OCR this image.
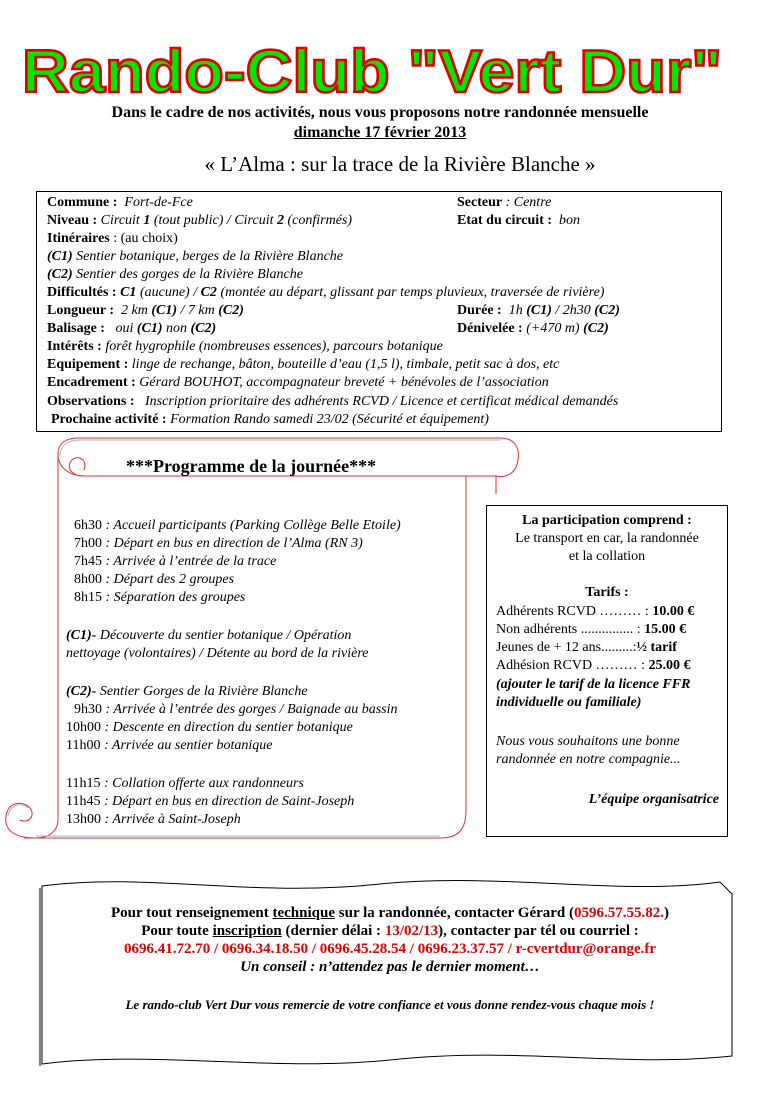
Rando-Club "Vert Dur"
Dans le cadre de nos activités, nous vous proposons notre randonnée mensuelle
dimanche 17 février 2013
« L’Alma : sur la trace de la Rivière Blanche »
Commune : Fort-de-Fce	Secteur : Centre
Niveau : Circuit 1 (tout public) / Circuit 2 (confirmés)	Etat du circuit : bon
Itinéraires : (au choix)
(C1) Sentier botanique, berges de la Rivière Blanche
(C2) Sentier des gorges de la Rivière Blanche
Difficultés : C1 (aucune) / C2 (montée au départ, glissant par temps pluvieux, traversée de rivière)
Longueur : 2 km (C1) / 7 km (C2)	Durée : 1h (C1) / 2h30 (C2)
Balisage : oui (C1) non (C2)	Dénivelée : (+470 m) (C2)
Intérêts : forêt hygrophile (nombreuses essences), parcours botanique
Equipement : linge de rechange, bâton, bouteille d’eau (1,5 l), timbale, petit sac à dos, etc
Encadrement : Gérard BOUHOT, accompagnateur breveté + bénévoles de l’association
Observations : Inscription prioritaire des adhérents RCVD / Licence et certificat médical demandés
Prochaine activité : Formation Rando samedi 23/02 (Sécurité et équipement)
***Programme de la journée***
6h30 : Accueil participants (Parking Collège Belle Etoile)
7h00 : Départ en bus en direction de l’Alma (RN 3)
7h45 : Arrivée à l’entrée de la trace
8h00 : Départ des 2 groupes
8h15 : Séparation des groupes
(C1)- Découverte du sentier botanique / Opération
nettoyage (volontaires) / Détente au bord de la rivière
(C2)- Sentier Gorges de la Rivière Blanche
9h30 : Arrivée à l’entrée des gorges / Baignade au bassin
10h00 : Descente en direction du sentier botanique
11h00 : Arrivée au sentier botanique
11h15 : Collation offerte aux randonneurs
11h45 : Départ en bus en direction de Saint-Joseph
13h00 : Arrivée à Saint-Joseph
La participation comprend :
Le transport en car, la randonnée
et la collation
Tarifs :
Adhérents RCVD ……… : 10.00 €
Non adhérents ............... : 15.00 €
Jeunes de + 12 ans.........:½ tarif
Adhésion RCVD ……… : 25.00 €
(ajouter le tarif de la licence FFR
individuelle ou familiale)
Nous vous souhaitons une bonne
randonnée en notre compagnie...
L’équipe organisatrice
Pour tout renseignement technique sur la randonnée, contacter Gérard (0596.57.55.82.)
Pour toute inscription (dernier délai : 13/02/13), contacter par tél ou courriel :
0696.41.72.70 / 0696.34.18.50 / 0696.45.28.54 / 0696.23.37.57 / r-cvertdur@orange.fr
Un conseil : n’attendez pas le dernier moment…
Le rando-club Vert Dur vous remercie de votre confiance et vous donne rendez-vous chaque mois !
